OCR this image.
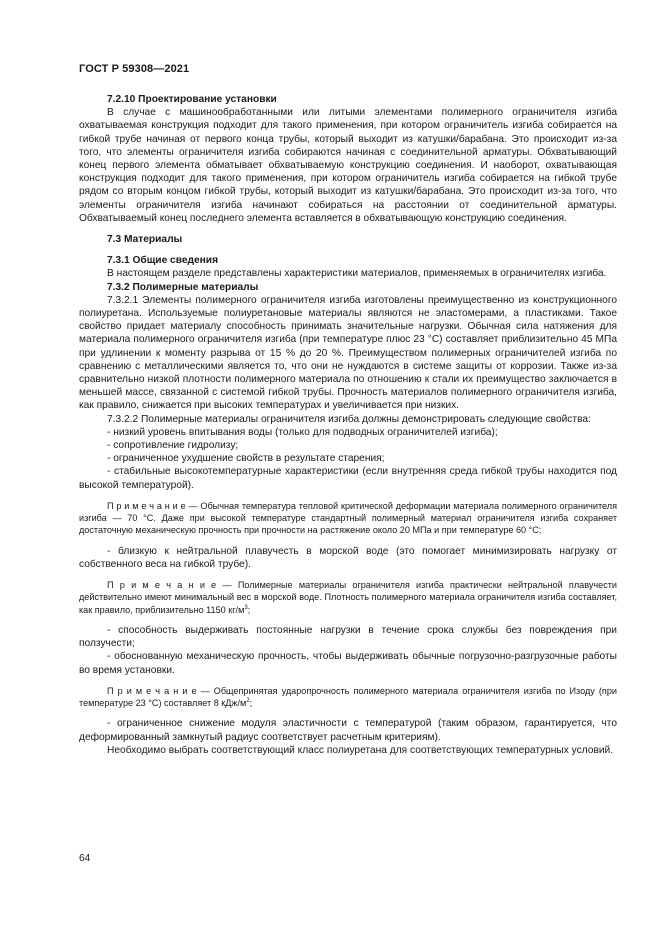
ГОСТ Р 59308—2021

7.2.10 Проектирование установки

В случае с машинообработанными или литыми элементами полимерного ограничителя изгиба охватываемая конструкция подходит для такого применения, при котором ограничитель изгиба собирается на гибкой трубе начиная от первого конца трубы, который выходит из катушки/барабана. Это происходит из-за того, что элементы ограничителя изгиба собираются начиная с соединительной арматуры. Обхватывающий конец первого элемента обматывает обхватываемую конструкцию соединения. И наоборот, охватывающая конструкция подходит для такого применения, при котором ограничитель изгиба собирается на гибкой трубе рядом со вторым концом гибкой трубы, который выходит из катушки/барабана. Это происходит из-за того, что элементы ограничителя изгиба начинают собираться на расстоянии от соединительной арматуры. Обхватываемый конец последнего элемента вставляется в обхватывающую конструкцию соединения.

7.3 Материалы

7.3.1 Общие сведения

В настоящем разделе представлены характеристики материалов, применяемых в ограничителях изгиба.

7.3.2 Полимерные материалы

7.3.2.1 Элементы полимерного ограничителя изгиба изготовлены преимущественно из конструкционного полиуретана. Используемые полиуретановые материалы являются не эластомерами, а пластиками. Такое свойство придает материалу способность принимать значительные нагрузки. Обычная сила натяжения для материала полимерного ограничителя изгиба (при температуре плюс 23 °С) составляет приблизительно 45 МПа при удлинении к моменту разрыва от 15 % до 20 %. Преимуществом полимерных ограничителей изгиба по сравнению с металлическими является то, что они не нуждаются в системе защиты от коррозии. Также из-за сравнительно низкой плотности полимерного материала по отношению к стали их преимущество заключается в меньшей массе, связанной с системой гибкой трубы. Прочность материалов полимерного ограничителя изгиба, как правило, снижается при высоких температурах и увеличивается при низких.

7.3.2.2 Полимерные материалы ограничителя изгиба должны демонстрировать следующие свойства:

- низкий уровень впитывания воды (только для подводных ограничителей изгиба);

- сопротивление гидролизу;

- ограниченное ухудшение свойств в результате старения;

- стабильные высокотемпературные характеристики (если внутренняя среда гибкой трубы находится под высокой температурой).

П р и м е ч а н и е — Обычная температура тепловой критической деформации материала полимерного ограничителя изгиба — 70 °C. Даже при высокой температуре стандартный полимерный материал ограничителя изгиба сохраняет достаточную механическую прочность при прочности на растяжение около 20 МПа и при температуре 60 °C;

- близкую к нейтральной плавучесть в морской воде (это помогает минимизировать нагрузку от собственного веса на гибкой трубе).

П р и м е ч а н и е — Полимерные материалы ограничителя изгиба практически нейтральной плавучести действительно имеют минимальный вес в морской воде. Плотность полимерного материала ограничителя изгиба составляет, как правило, приблизительно 1150 $кг/м^3$;

- способность выдерживать постоянные нагрузки в течение срока службы без повреждения при ползучести;

- обоснованную механическую прочность, чтобы выдерживать обычные погрузочно-разгрузочные работы во время установки.

П р и м е ч а н и е — Общепринятая ударопрочность полимерного материала ограничителя изгиба по Изоду (при температуре 23 °C) составляет 8 кДж/$м^2$;

- ограниченное снижение модуля эластичности с температурой (таким образом, гарантируется, что деформированный замкнутый радиус соответствует расчетным критериям).

Необходимо выбрать соответствующий класс полиуретана для соответствующих температурных условий.

64
